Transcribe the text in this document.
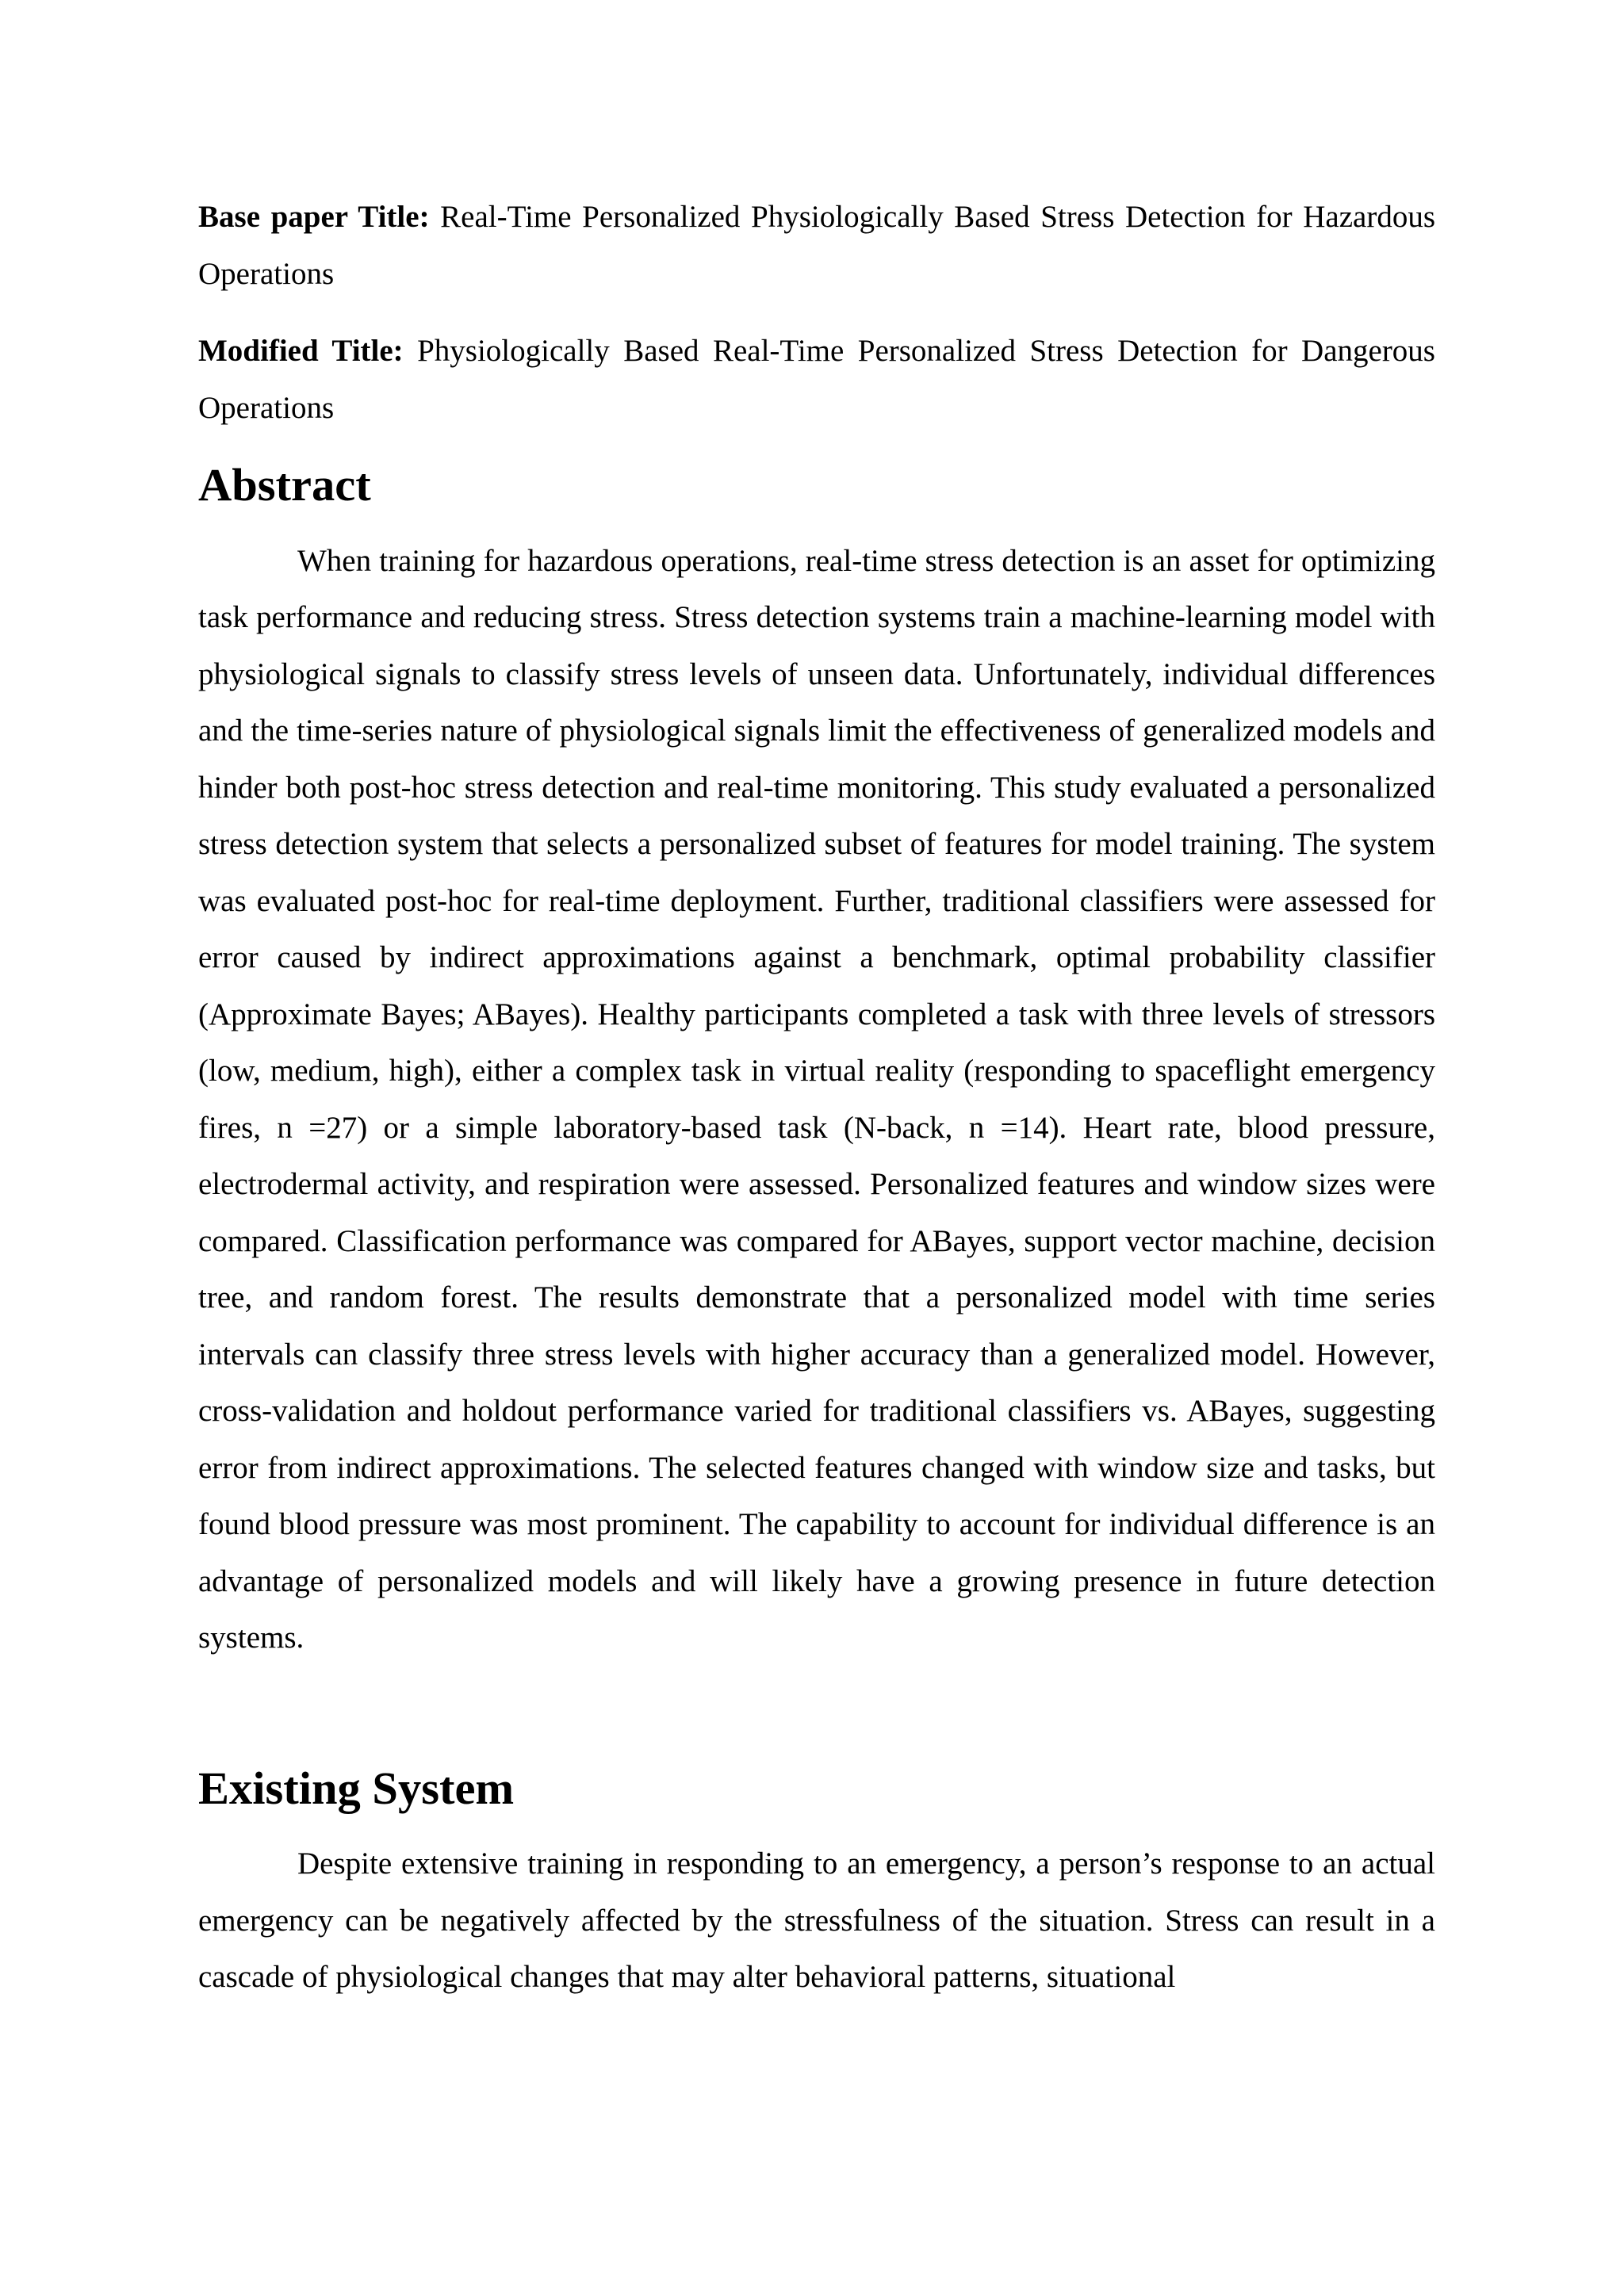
Base paper Title: Real-Time Personalized Physiologically Based Stress Detection for Hazardous Operations

Modified Title: Physiologically Based Real-Time Personalized Stress Detection for Dangerous Operations

Abstract

When training for hazardous operations, real-time stress detection is an asset for optimizing task performance and reducing stress. Stress detection systems train a machine-learning model with physiological signals to classify stress levels of unseen data. Unfortunately, individual differences and the time-series nature of physiological signals limit the effectiveness of generalized models and hinder both post-hoc stress detection and real-time monitoring. This study evaluated a personalized stress detection system that selects a personalized subset of features for model training. The system was evaluated post-hoc for real-time deployment. Further, traditional classifiers were assessed for error caused by indirect approximations against a benchmark, optimal probability classifier (Approximate Bayes; ABayes). Healthy participants completed a task with three levels of stressors (low, medium, high), either a complex task in virtual reality (responding to spaceflight emergency fires, n =27) or a simple laboratory-based task (N-back, n =14). Heart rate, blood pressure, electrodermal activity, and respiration were assessed. Personalized features and window sizes were compared. Classification performance was compared for ABayes, support vector machine, decision tree, and random forest. The results demonstrate that a personalized model with time series intervals can classify three stress levels with higher accuracy than a generalized model. However, cross-validation and holdout performance varied for traditional classifiers vs. ABayes, suggesting error from indirect approximations. The selected features changed with window size and tasks, but found blood pressure was most prominent. The capability to account for individual difference is an advantage of personalized models and will likely have a growing presence in future detection systems.

Existing System

Despite extensive training in responding to an emergency, a person’s response to an actual emergency can be negatively affected by the stressfulness of the situation. Stress can result in a cascade of physiological changes that may alter behavioral patterns, situational
